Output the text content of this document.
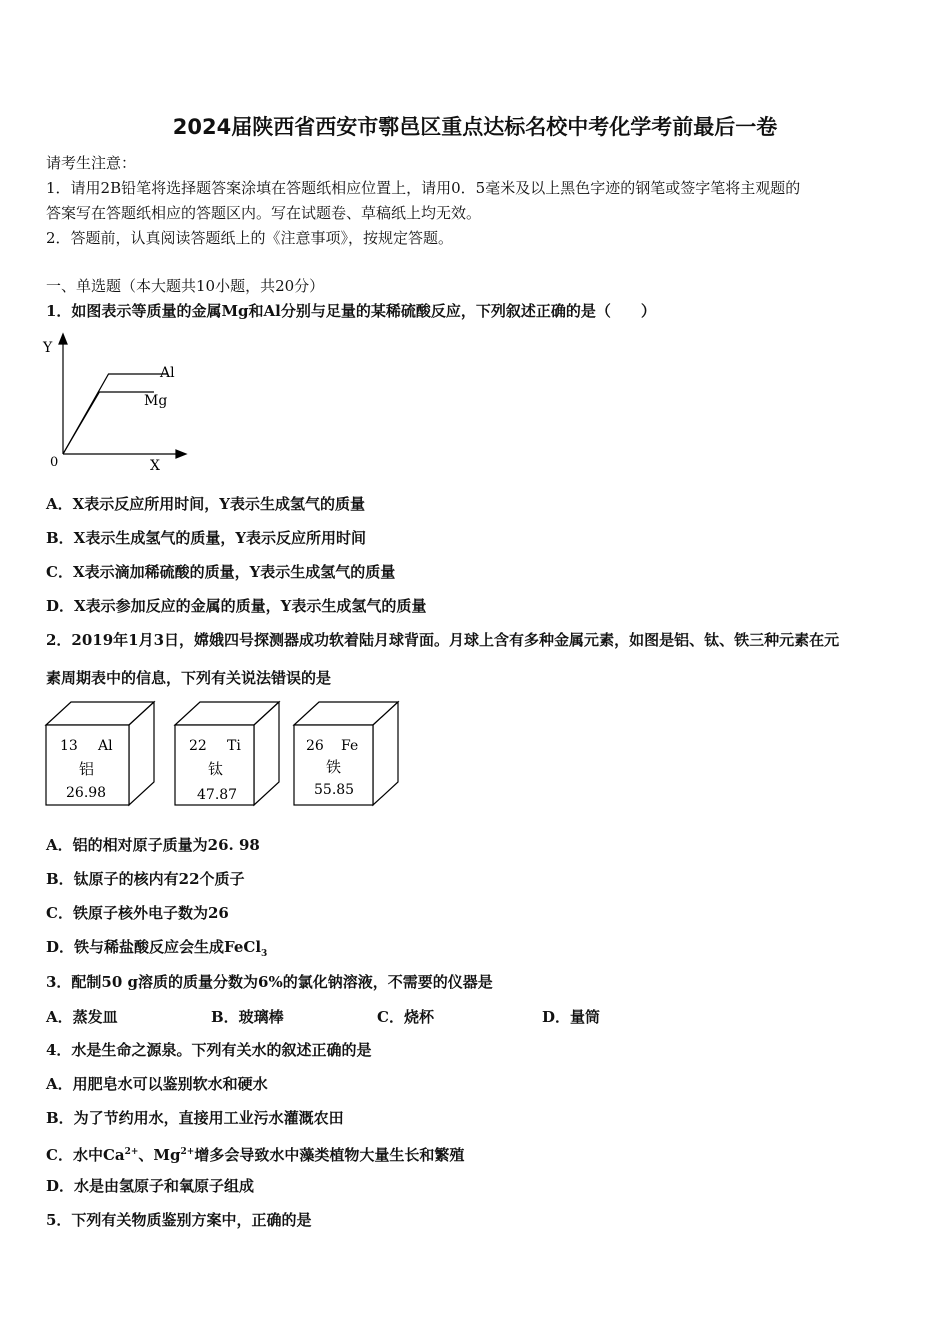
2024届陕西省西安市鄠邑区重点达标名校中考化学考前最后一卷
请考生注意：
1．请用2B铅笔将选择题答案涂填在答题纸相应位置上，请用0．5毫米及以上黑色字迹的钢笔或签字笔将主观题的
答案写在答题纸相应的答题区内。写在试题卷、草稿纸上均无效。
2．答题前，认真阅读答题纸上的《注意事项》，按规定答题。
一、单选题（本大题共10小题，共20分）
1．如图表示等质量的金属Mg和Al分别与足量的某稀硫酸反应，下列叙述正确的是（　　）
Y
0	X
Al
Mg
A．X表示反应所用时间，Y表示生成氢气的质量
B．X表示生成氢气的质量，Y表示反应所用时间
C．X表示滴加稀硫酸的质量，Y表示生成氢气的质量
D．X表示参加反应的金属的质量，Y表示生成氢气的质量
2．2019年1月3日，嫦娥四号探测器成功软着陆月球背面。月球上含有多种金属元素，如图是铝、钛、铁三种元素在元
素周期表中的信息，下列有关说法错误的是
13 Al
铝
26.98
22 Ti
钛
47.87
26 Fe
铁
55.85
A．铝的相对原子质量为26. 98
B．钛原子的核内有22个质子
C．铁原子核外电子数为26
D．铁与稀盐酸反应会生成FeCl$_3$
3．配制50 g溶质的质量分数为6%的氯化钠溶液，不需要的仪器是
A．蒸发皿	B．玻璃棒	C．烧杯	D．量筒
4．水是生命之源泉。下列有关水的叙述正确的是
A．用肥皂水可以鉴别软水和硬水
B．为了节约用水，直接用工业污水灌溉农田
C．水中$Ca^{2+}$、$Mg^{2+}$增多会导致水中藻类植物大量生长和繁殖
D．水是由氢原子和氧原子组成
5．下列有关物质鉴别方案中，正确的是
